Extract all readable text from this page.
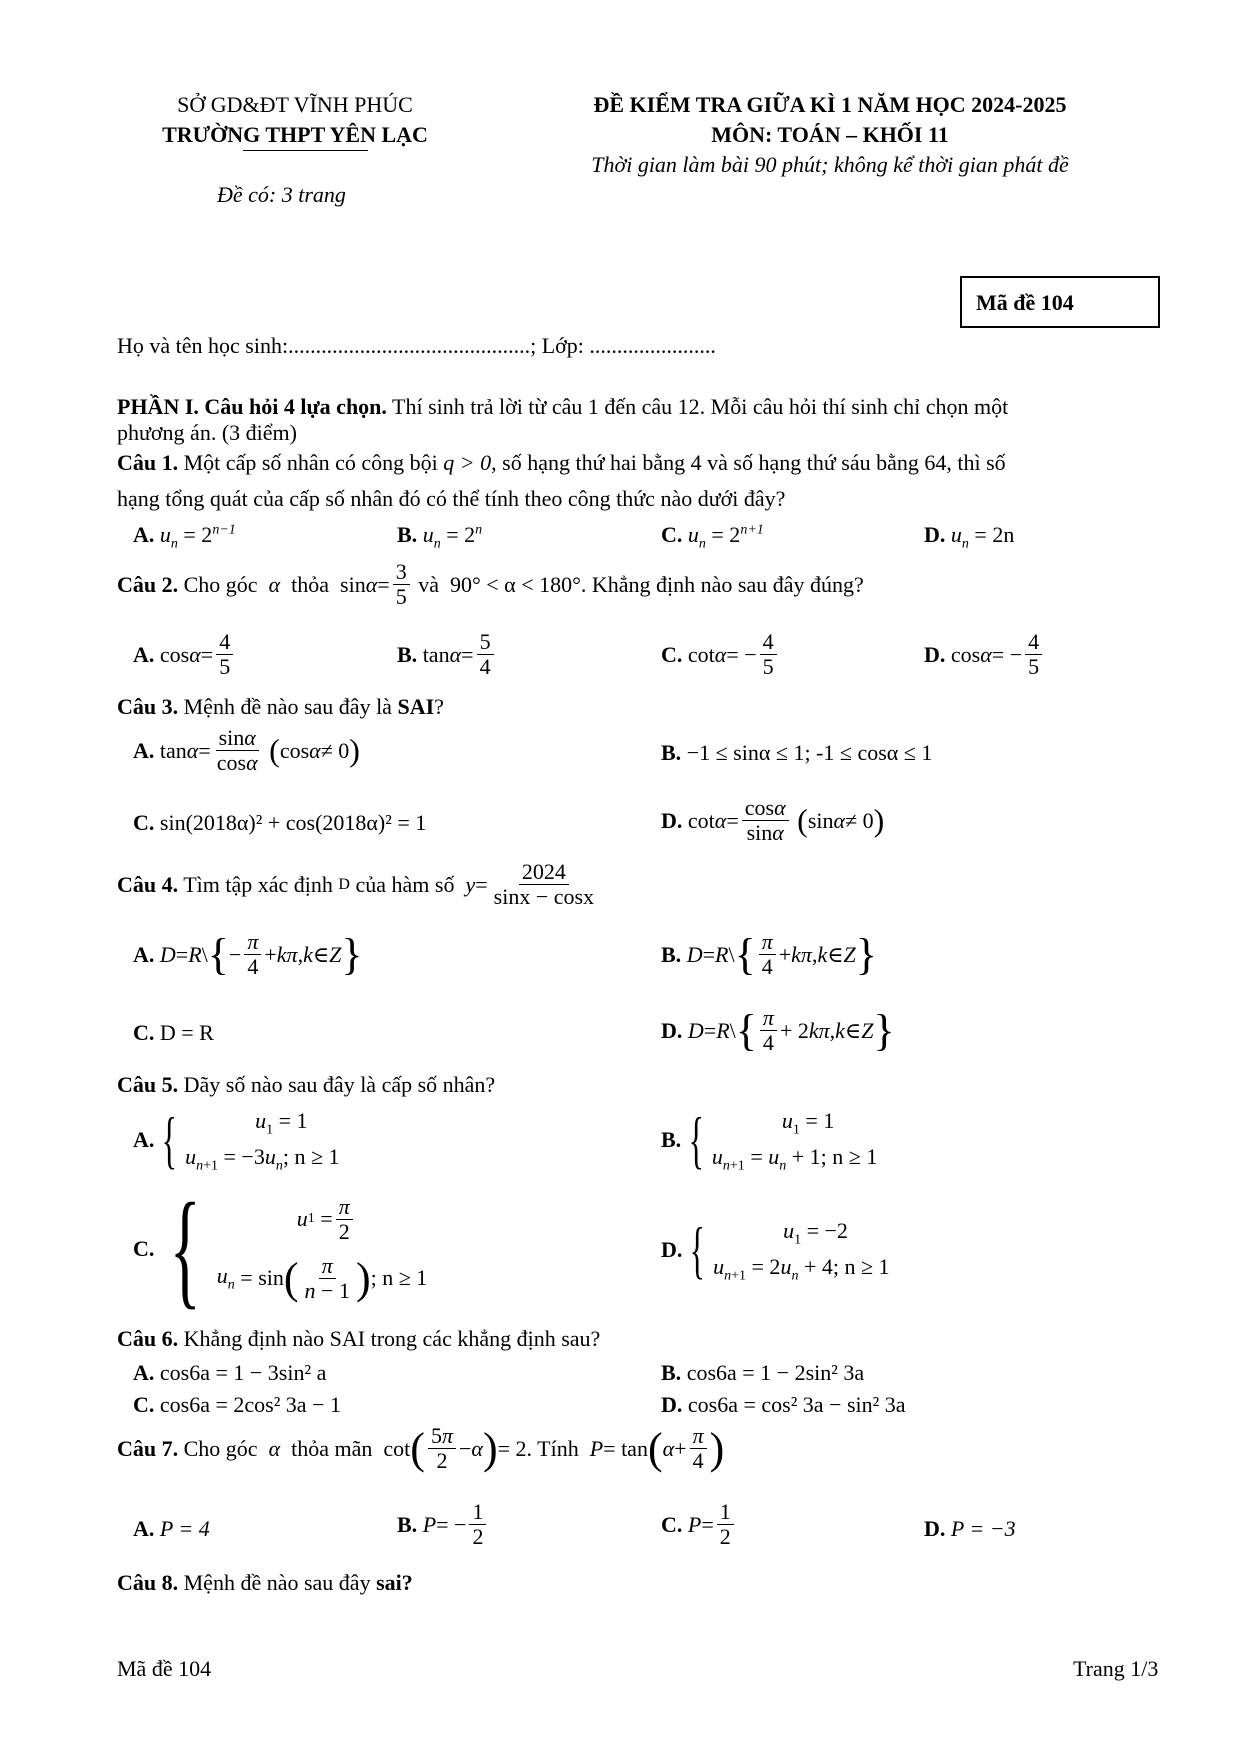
SỞ GD&ĐT VĨNH PHÚC
TRƯỜNG THPT YÊN LẠC
Đề có: 3 trang
ĐỀ KIỂM TRA GIỮA KÌ 1 NĂM HỌC 2024-2025
MÔN: TOÁN – KHỐI 11
Thời gian làm bài 90 phút; không kể thời gian phát đề
Mã đề 104
Họ và tên học sinh:............................................; Lớp: .......................
PHẦN I. Câu hỏi 4 lựa chọn. Thí sinh trả lời từ câu 1 đến câu 12. Mỗi câu hỏi thí sinh chỉ chọn một
phương án. (3 điểm)
Câu 1. Một cấp số nhân có công bội q > 0, số hạng thứ hai bằng 4 và số hạng thứ sáu bằng 64, thì số
hạng tổng quát của cấp số nhân đó có thể tính theo công thức nào dưới đây?
A. $u_n = 2^{n-1}$	B. $u_n = 2^n$	C. $u_n = 2^{n+1}$	D. $u_n = 2n$
Câu 2. Cho góc
α
thỏa $\sin \alpha = \frac{3}{5}$ và
90° < α < 180° . Khẳng định nào sau đây đúng?
A. $\cos \alpha = \frac{4}{5}$	B. $\tan \alpha = \frac{5}{4}$	C. cot α = − $\frac{4}{5}$	D. cos α = − $\frac{4}{5}$
Câu 3. Mệnh đề nào sau đây là SAI?
A. $\tan \alpha = \frac{\sin\alpha}{\cos\alpha}$
( cos α ≠ 0 )	B. −1 ≤ sinα ≤ 1; -1 ≤ cosα ≤ 1
C. sin(2018α)² + cos(2018α)² = 1	D. $\cot \alpha = \frac{\cos\alpha}{\sin\alpha}$
( sin α ≠ 0 )
Câu 4. Tìm tập xác định D của hàm số
$y = \frac{2024}{\sin x - \cos x}$
A.
D = R \ { − $\frac{\pi}{4} + k\pi$ , k ∈ Z }	B.
D = R \ { $\frac{\pi}{4} + k\pi$ , k ∈ Z }
C. D = R	D.
D = R \ { $\frac{\pi}{4} + 2$ kπ , k ∈ Z }
Câu 5. Dãy số nào sau đây là cấp số nhân?
A. {	$u_1 = 1$
$u_{n+1} = -3u_n$; n ≥ 1
B. {	$u_1 = 1$
$u_{n+1} = u_n + 1$; n ≥ 1
C. {	u $1 = \frac{\pi}{2}$
$u_n = \sin$ ( $\frac{\pi}{n - 1}$ ) ; n ≥ 1
D. {	$u_1 = -2$
$u_{n+1} = 2u_n + 4$; n ≥ 1
Câu 6. Khẳng định nào SAI trong các khẳng định sau?
A. cos6a = 1 − 3sin² a	B. cos6a = 1 − 2sin² 3a
C. cos6a = 2cos² 3a − 1	D. cos6a = cos² 3a − sin² 3a
Câu 7. Cho góc
α
thỏa mãn cot ( $\frac{5\pi}{2} - \alpha$ ) = 2 . Tính
P = tan ( $\alpha + \frac{\pi}{4}$ )
A. P = 4	B.
P = − $\frac{1}{2}$	C.
$P = \frac{1}{2}$	D. P = −3
Câu 8. Mệnh đề nào sau đây sai?
Mã đề 104	Trang 1/3
